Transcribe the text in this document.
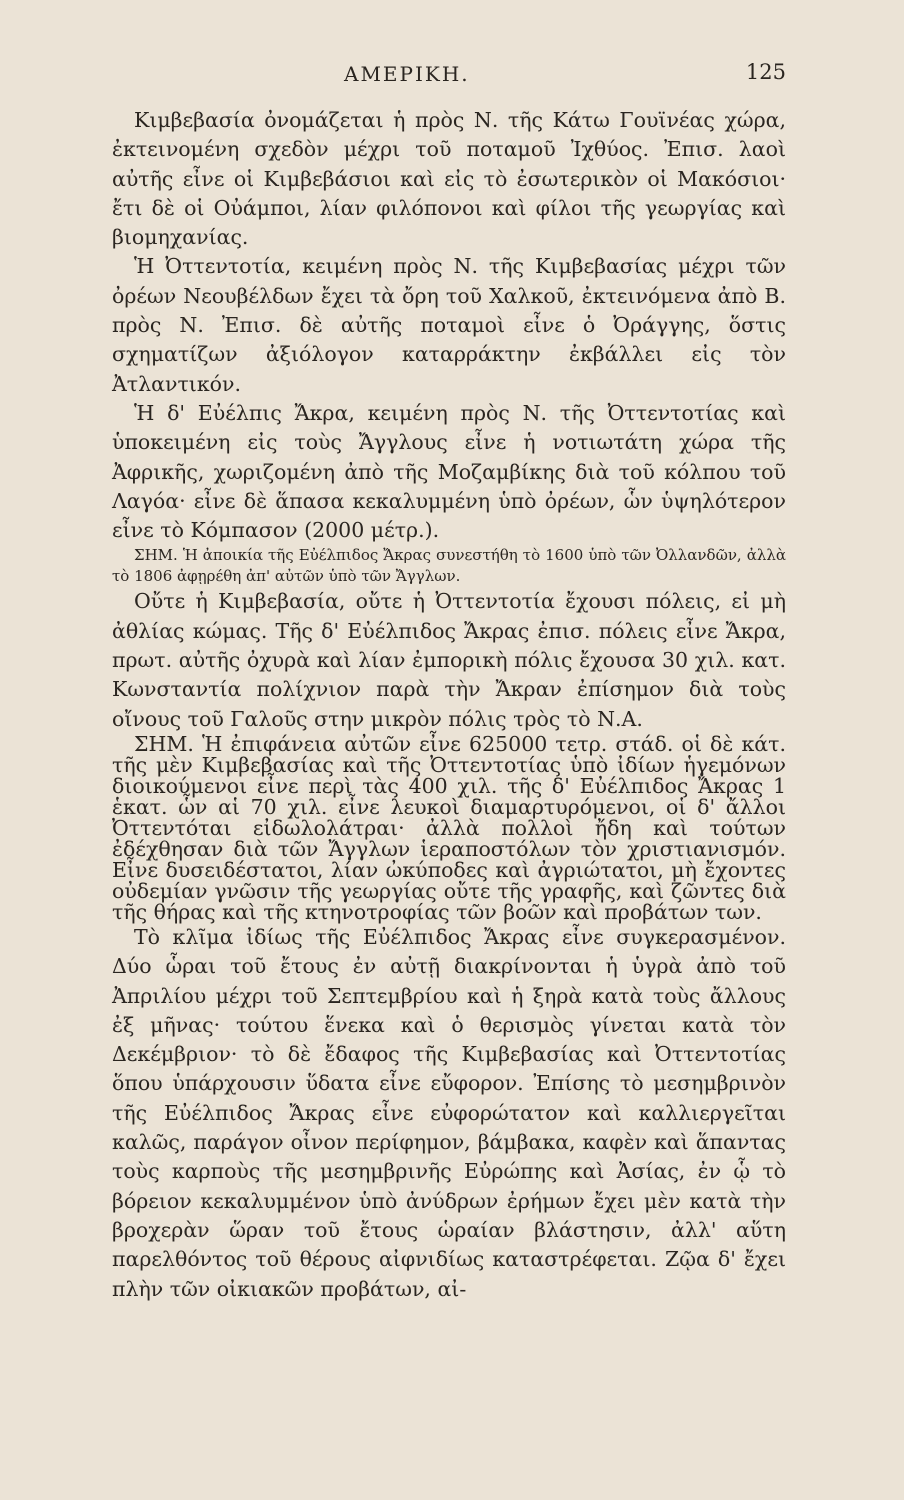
ΑΜΕΡΙΚΗ.	125

Κιμβεβασία ὀνομάζεται ἡ πρὸς Ν. τῆς Κάτω Γουϊνέας χώρα, ἐκτεινομένη σχεδὸν μέχρι τοῦ ποταμοῦ Ἰχθύος. Ἐπισ. λαοὶ αὐτῆς εἶνε οἱ Κιμβεβάσιοι καὶ εἰς τὸ ἐσωτερικὸν οἱ Μακόσιοι· ἔτι δὲ οἱ Οὐάμποι, λίαν φιλόπονοι καὶ φίλοι τῆς γεωργίας καὶ βιομηχανίας.

Ἡ Ὀττεντοτία, κειμένη πρὸς Ν. τῆς Κιμβεβασίας μέχρι τῶν ὀρέων Νεουβέλδων ἔχει τὰ ὄρη τοῦ Χαλκοῦ, ἐκτεινόμενα ἀπὸ Β. πρὸς Ν. Ἐπισ. δὲ αὐτῆς ποταμοὶ εἶνε ὁ Ὀράγγης, ὅστις σχηματίζων ἀξιόλογον καταρράκτην ἐκβάλλει εἰς τὸν Ἀτλαντικόν.

Ἡ δ' Εὐέλπις Ἄκρα, κειμένη πρὸς Ν. τῆς Ὀττεντοτίας καὶ ὑποκειμένη εἰς τοὺς Ἄγγλους εἶνε ἡ νοτιωτάτη χώρα τῆς Ἀφρικῆς, χωριζομένη ἀπὸ τῆς Μοζαμβίκης διὰ τοῦ κόλπου τοῦ Λαγόα· εἶνε δὲ ἅπασα κεκαλυμμένη ὑπὸ ὀρέων, ὧν ὑψηλότερον εἶνε τὸ Κόμπασον (2000 μέτρ.).

ΣΗΜ. Ἡ ἀποικία τῆς Εὐέλπιδος Ἄκρας συνεστήθη τὸ 1600 ὑπὸ τῶν Ὀλλανδῶν, ἀλλὰ τὸ 1806 ἀφῃρέθη ἀπ' αὐτῶν ὑπὸ τῶν Ἄγγλων.

Οὔτε ἡ Κιμβεβασία, οὔτε ἡ Ὀττεντοτία ἔχουσι πόλεις, εἰ μὴ ἀθλίας κώμας. Τῆς δ' Εὐέλπιδος Ἄκρας ἐπισ. πόλεις εἶνε Ἄκρα, πρωτ. αὐτῆς ὀχυρὰ καὶ λίαν ἐμπορικὴ πόλις ἔχουσα 30 χιλ. κατ. Κωνσταντία πολίχνιον παρὰ τὴν Ἄκραν ἐπίσημον διὰ τοὺς οἴνους τοῦ Γαλοῦς στην μικρὸν πόλις τρὸς τὸ Ν.Α.

ΣΗΜ. Ἡ ἐπιφάνεια αὐτῶν εἶνε 625000 τετρ. στάδ. οἱ δὲ κάτ. τῆς μὲν Κιμβεβασίας καὶ τῆς Ὀττεντοτίας ὑπὸ ἰδίων ἡγεμόνων διοικούμενοι εἶνε περὶ τὰς 400 χιλ. τῆς δ' Εὐέλπιδος Ἄκρας 1 ἑκατ. ὧν αἱ 70 χιλ. εἶνε λευκοὶ διαμαρτυρόμενοι, οἱ δ' ἄλλοι Ὀττεντόται εἰδωλολάτραι· ἀλλὰ πολλοὶ ἤδη καὶ τούτων ἐδέχθησαν διὰ τῶν Ἄγγλων ἱεραποστόλων τὸν χριστιανισμόν. Εἶνε δυσειδέστατοι, λίαν ὠκύποδες καὶ ἀγριώτατοι, μὴ ἔχοντες οὐδεμίαν γνῶσιν τῆς γεωργίας οὔτε τῆς γραφῆς, καὶ ζῶντες διὰ τῆς θήρας καὶ τῆς κτηνοτροφίας τῶν βοῶν καὶ προβάτων των.

Τὸ κλῖμα ἰδίως τῆς Εὐέλπιδος Ἄκρας εἶνε συγκερασμένον. Δύο ὧραι τοῦ ἔτους ἐν αὐτῇ διακρίνονται ἡ ὑγρὰ ἀπὸ τοῦ Ἀπριλίου μέχρι τοῦ Σεπτεμβρίου καὶ ἡ ξηρὰ κατὰ τοὺς ἄλλους ἐξ μῆνας· τούτου ἕνεκα καὶ ὁ θερισμὸς γίνεται κατὰ τὸν Δεκέμβριον· τὸ δὲ ἔδαφος τῆς Κιμβεβασίας καὶ Ὀττεντοτίας ὅπου ὑπάρχουσιν ὕδατα εἶνε εὔφορον. Ἐπίσης τὸ μεσημβρινὸν τῆς Εὐέλπιδος Ἄκρας εἶνε εὐφορώτατον καὶ καλλιεργεῖται καλῶς, παράγον οἶνον περίφημον, βάμβακα, καφὲν καὶ ἅπαντας τοὺς καρποὺς τῆς μεσημβρινῆς Εὐρώπης καὶ Ἀσίας, ἐν ᾧ τὸ βόρειον κεκαλυμμένον ὑπὸ ἀνύδρων ἐρήμων ἔχει μὲν κατὰ τὴν βροχερὰν ὥραν τοῦ ἔτους ὡραίαν βλάστησιν, ἀλλ' αὕτη παρελθόντος τοῦ θέρους αἰφνιδίως καταστρέφεται. Ζῷα δ' ἔχει πλὴν τῶν οἰκιακῶν προβάτων, αἰ-
